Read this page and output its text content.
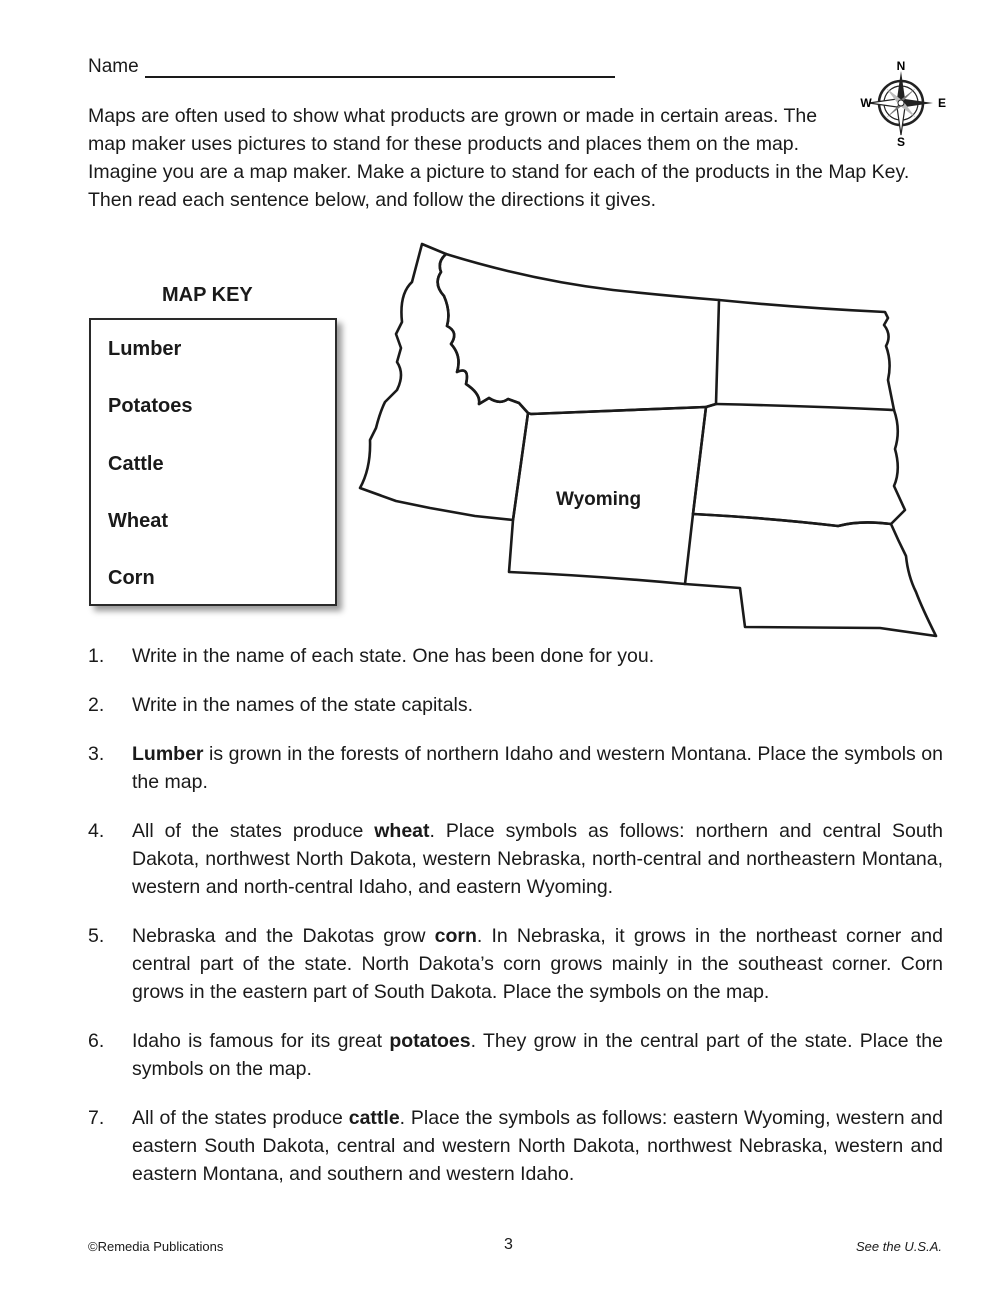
Name	N
S
E
W

Maps are often used to show what products are grown or made in certain areas. The map maker uses pictures to stand for these products and places them on the map. Imagine you are a map maker. Make a picture to stand for each of the products in the Map Key. Then read each sentence below, and follow the directions it gives.

MAP KEY
Lumber
Potatoes
Cattle
Wheat
Corn
Wyoming
1. Write in the name of each state. One has been done for you.
2. Write in the names of the state capitals.
3. Lumber is grown in the forests of northern Idaho and western Montana. Place the symbols on the map.
4. All of the states produce wheat. Place symbols as follows: northern and central South Dakota, northwest North Dakota, western Nebraska, north-central and northeastern Montana, western and north-central Idaho, and eastern Wyoming.
5. Nebraska and the Dakotas grow corn. In Nebraska, it grows in the northeast corner and central part of the state. North Dakota’s corn grows mainly in the southeast corner. Corn grows in the eastern part of South Dakota. Place the symbols on the map.
6. Idaho is famous for its great potatoes. They grow in the central part of the state. Place the symbols on the map.
7. All of the states produce cattle. Place the symbols as follows: eastern Wyoming, western and eastern South Dakota, central and western North Dakota, northwest Nebraska, western and eastern Montana, and southern and western Idaho.
©Remedia Publications	3	See the U.S.A.
